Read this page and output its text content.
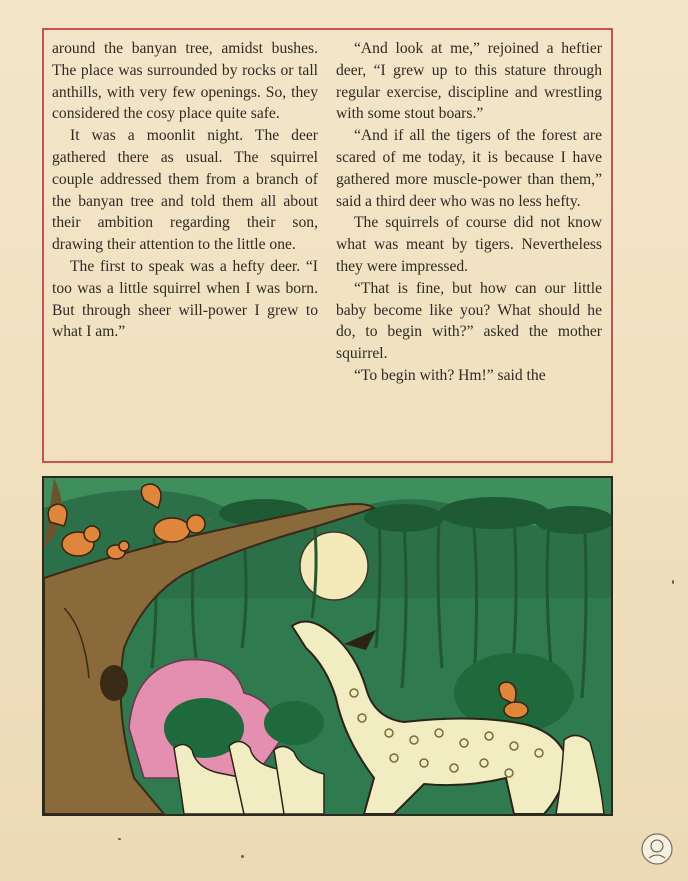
around the banyan tree, amidst bushes. The place was surrounded by rocks or tall anthills, with very few openings. So, they considered the cosy place quite safe.

It was a moonlit night. The deer gathered there as usual. The squirrel couple addressed them from a branch of the banyan tree and told them all about their ambition regarding their son, drawing their attention to the little one.

The first to speak was a hefty deer. “I too was a little squirrel when I was born. But through sheer will-power I grew to what I am.”

“And look at me,” rejoined a heftier deer, “I grew up to this stature through regular exercise, discipline and wrestling with some stout boars.”

“And if all the tigers of the forest are scared of me today, it is because I have gathered more muscle-power than them,” said a third deer who was no less hefty.

The squirrels of course did not know what was meant by tigers. Nevertheless they were impressed.

“That is fine, but how can our little baby become like you? What should he do, to begin with?” asked the mother squirrel.

“To begin with? Hm!” said the
